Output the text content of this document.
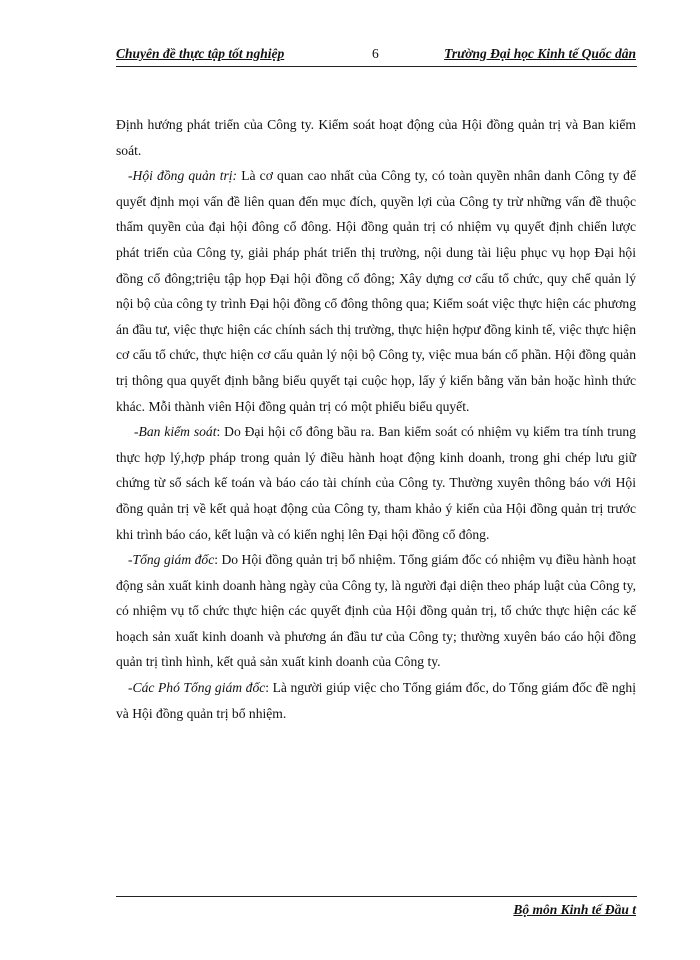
Chuyên đề thực tập tốt nghiệp	6	Trường Đại học Kinh tế Quốc dân

Định hướng phát triển của Công ty. Kiểm soát hoạt động của Hội đồng quản trị và Ban kiểm soát.

-Hội đồng quản trị: Là cơ quan cao nhất của Công ty, có toàn quyền nhân danh Công ty để quyết định mọi vấn đề liên quan đến mục đích, quyền lợi của Công ty trừ những vấn đề thuộc thẩm quyền của đại hội đông cổ đông. Hội đồng quản trị có nhiệm vụ quyết định chiến lược phát triển của Công ty, giải pháp phát triển thị trường, nội dung tài liệu phục vụ họp Đại hội đồng cổ đông;triệu tập họp Đại hội đồng cổ đông; Xây dựng cơ cấu tổ chức, quy chế quản lý nội bộ của công ty trình Đại hội đồng cổ đông thông qua; Kiểm soát việc thực hiện các phương án đầu tư, việc thực hiện các chính sách thị trường, thực hiện hợpư đồng kinh tế, việc thực hiện cơ cấu tổ chức, thực hiện cơ cấu quản lý nội bộ Công ty, việc mua bán cổ phần. Hội đồng quản trị thông qua quyết định bằng biểu quyết tại cuộc họp, lấy ý kiến bằng văn bản hoặc hình thức khác. Mỗi thành viên Hội đồng quản trị có một phiếu biểu quyết.

-Ban kiểm soát: Do Đại hội cổ đông bầu ra. Ban kiểm soát có nhiệm vụ kiểm tra tính trung thực hợp lý,hợp pháp trong quản lý điều hành hoạt động kinh doanh, trong ghi chép lưu giữ chứng từ sổ sách kế toán và báo cáo tài chính của Công ty. Thường xuyên thông báo với Hội đồng quản trị về kết quả hoạt động của Công ty, tham khảo ý kiến của Hội đồng quản trị trước khi trình báo cáo, kết luận và có kiến nghị lên Đại hội đồng cổ đông.

-Tổng giám đốc: Do Hội đồng quản trị bổ nhiệm. Tổng giám đốc có nhiệm vụ điều hành hoạt động sản xuất kinh doanh hàng ngày của Công ty, là người đại diện theo pháp luật của Công ty, có nhiệm vụ tổ chức thực hiện các quyết định của Hội đồng quản trị, tổ chức thực hiện các kế hoạch sản xuất kinh doanh và phương án đầu tư của Công ty; thường xuyên báo cáo hội đồng quản trị tình hình, kết quả sản xuất kinh doanh của Công ty.

-Các Phó Tổng giám đốc: Là người giúp việc cho Tổng giám đốc, do Tổng giám đốc đề nghị và Hội đồng quản trị bổ nhiệm.

Bộ môn Kinh tế Đầu t
